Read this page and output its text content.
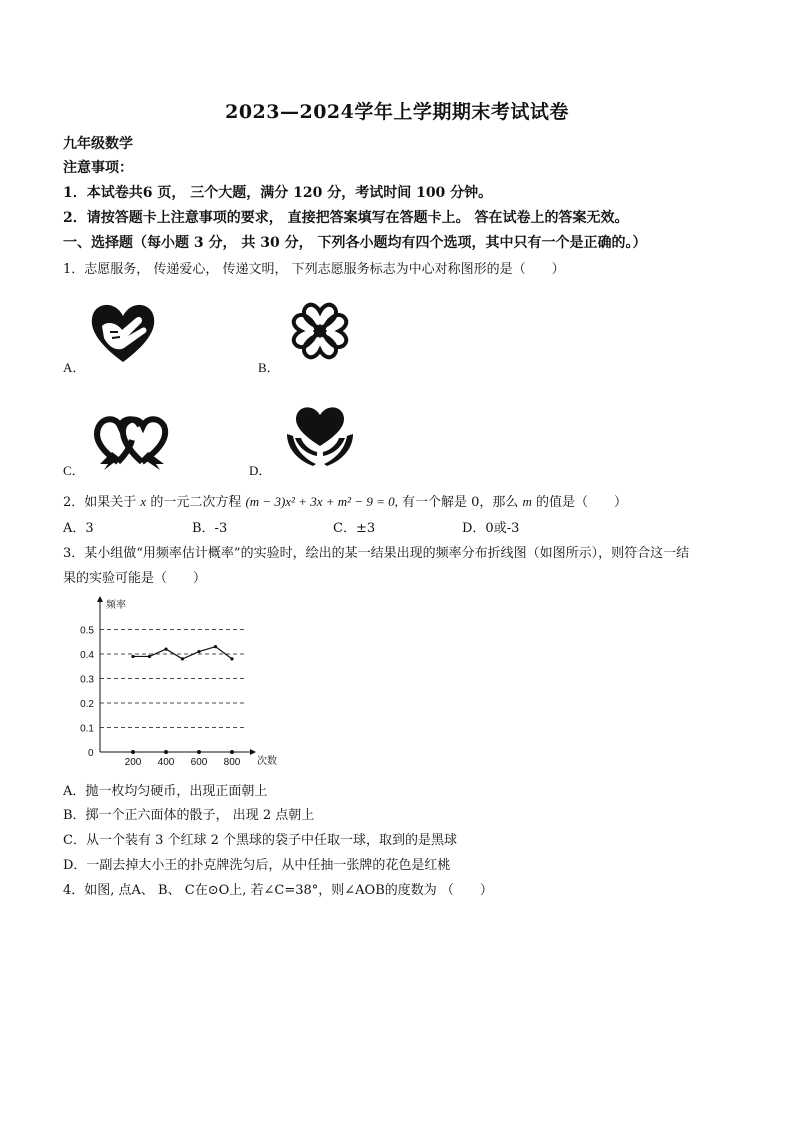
2023—2024学年上学期期末考试试卷
九年级数学
注意事项：
1．本试卷共6 页， 三个大题，满分 120 分，考试时间 100 分钟。
2．请按答题卡上注意事项的要求， 直接把答案填写在答题卡上。 答在试卷上的答案无效。
一、选择题（每小题 3 分， 共 30 分， 下列各小题均有四个选项，其中只有一个是正确的。）
1．志愿服务， 传递爱心， 传递文明， 下列志愿服务标志为中心对称图形的是（　　）
A．	B．
C．	D．
2．如果关于 x 的一元二次方程 (m − 3)x² + 3x + m² − 9 = 0, 有一个解是 0，那么 m 的值是（　　）
A．3	B．-3	C．±3	D．0或-3
3．某小组做“用频率估计概率”的实验时，绘出的某一结果出现的频率分布折线图（如图所示），则符合这一结
果的实验可能是（　　）
频率
次数
0
0.1
0.2
0.3
0.4
0.5
200 400 600 800
A．抛一枚均匀硬币，出现正面朝上
B．掷一个正六面体的骰子， 出现 2 点朝上
C．从一个装有 3 个红球 2 个黑球的袋子中任取一球，取到的是黑球
D．一副去掉大小王的扑克牌洗匀后，从中任抽一张牌的花色是红桃
4．如图, 点A、 B、 C在⊙O上, 若∠C=38°，则∠AOB的度数为 （　　）
